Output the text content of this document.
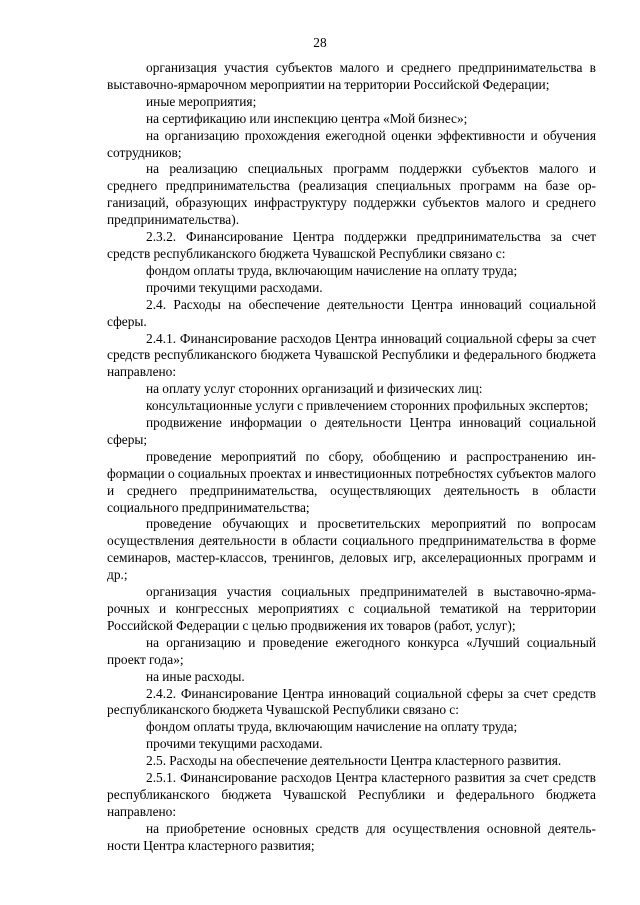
28

организация участия субъектов малого и среднего предпринимательства в выставочно-ярмарочном мероприятии на территории Российской Федерации;

иные мероприятия;

на сертификацию или инспекцию центра «Мой бизнес»;

на организацию прохождения ежегодной оценки эффективности и обучения сотрудников;

на реализацию специальных программ поддержки субъектов малого и среднего предпринимательства (реализация специальных программ на базе организаций, образующих инфраструктуру поддержки субъектов малого и среднего предпринимательства).

2.3.2. Финансирование Центра поддержки предпринимательства за счет средств республиканского бюджета Чувашской Республики связано с:

фондом оплаты труда, включающим начисление на оплату труда;

прочими текущими расходами.

2.4. Расходы на обеспечение деятельности Центра инноваций социальной сферы.

2.4.1. Финансирование расходов Центра инноваций социальной сферы за счет средств республиканского бюджета Чувашской Республики и федерального бюджета направлено:

на оплату услуг сторонних организаций и физических лиц:

консультационные услуги с привлечением сторонних профильных экспертов;

продвижение информации о деятельности Центра инноваций социальной сферы;

проведение мероприятий по сбору, обобщению и распространению информации о социальных проектах и инвестиционных потребностях субъектов малого и среднего предпринимательства, осуществляющих деятельность в области социального предпринимательства;

проведение обучающих и просветительских мероприятий по вопросам осуществления деятельности в области социального предпринимательства в форме семинаров, мастер-классов, тренингов, деловых игр, акселерационных программ и др.;

организация участия социальных предпринимателей в выставочно-ярмарочных и конгрессных мероприятиях с социальной тематикой на территории Российской Федерации с целью продвижения их товаров (работ, услуг);

на организацию и проведение ежегодного конкурса «Лучший социальный проект года»;

на иные расходы.

2.4.2. Финансирование Центра инноваций социальной сферы за счет средств республиканского бюджета Чувашской Республики связано с:

фондом оплаты труда, включающим начисление на оплату труда;

прочими текущими расходами.

2.5. Расходы на обеспечение деятельности Центра кластерного развития.

2.5.1. Финансирование расходов Центра кластерного развития за счет средств республиканского бюджета Чувашской Республики и федерального бюджета направлено:

на приобретение основных средств для осуществления основной деятельности Центра кластерного развития;
